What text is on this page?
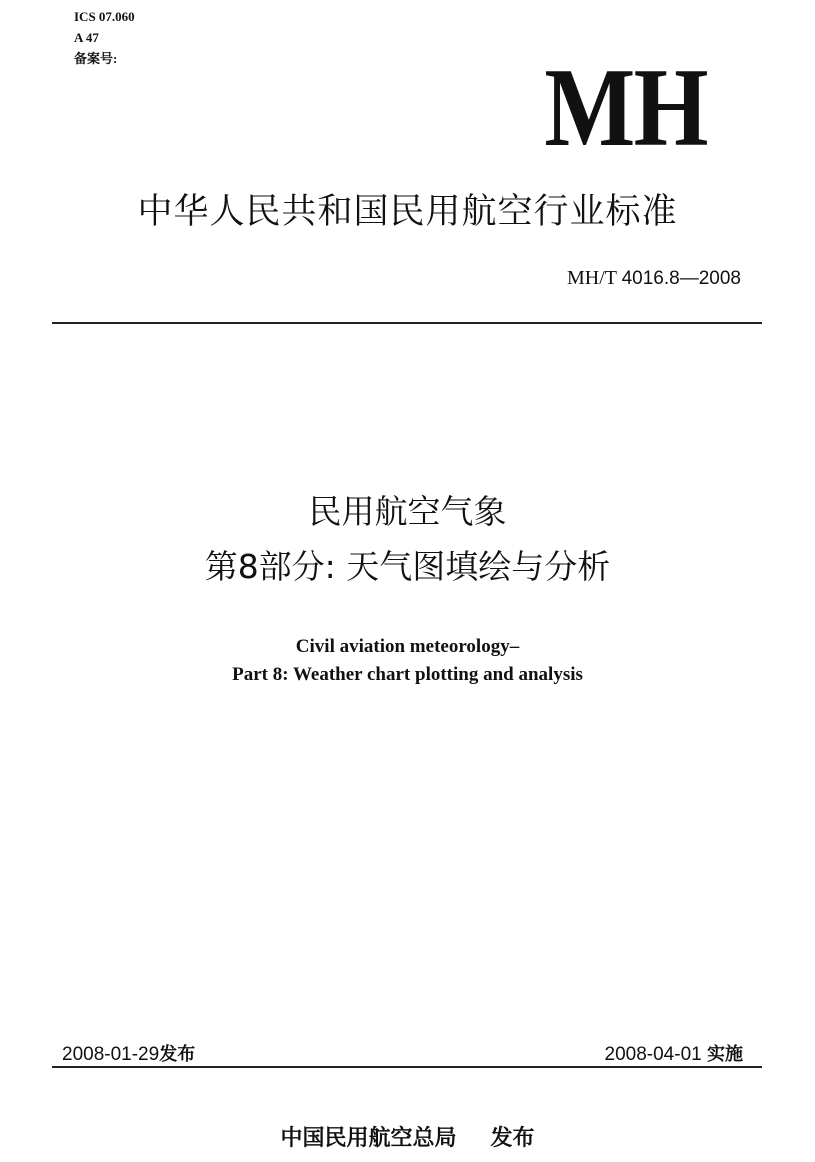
ICS 07.060
A 47
备案号:	MH
中华人民共和国民用航空行业标准
MH/T 4016.8—2008
民用航空气象
第8部分: 天气图填绘与分析
Civil aviation meteorology–
Part 8: Weather chart plotting and analysis
2008-01-29发布	2008-04-01 实施
中国民用航空总局 发布
